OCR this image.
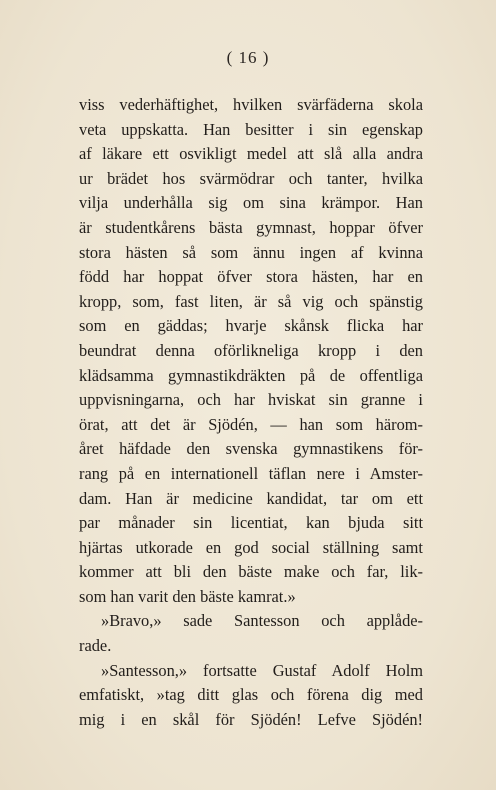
( 16 )
viss vederhäftighet, hvilken svärfäderna skola
veta uppskatta. Han besitter i sin egenskap
af läkare ett osvikligt medel att slå alla andra
ur brädet hos svärmödrar och tanter, hvilka
vilja underhålla sig om sina krämpor. Han
är studentkårens bästa gymnast, hoppar öfver
stora hästen så som ännu ingen af kvinna
född har hoppat öfver stora hästen, har en
kropp, som, fast liten, är så vig och spänstig
som en gäddas; hvarje skånsk flicka har
beundrat denna oförlikneliga kropp i den
klädsamma gymnastikdräkten på de offentliga
uppvisningarna, och har hviskat sin granne i
örat, att det är Sjödén, — han som härom-
året häfdade den svenska gymnastikens för-
rang på en internationell täflan nere i Amster-
dam. Han är medicine kandidat, tar om ett
par månader sin licentiat, kan bjuda sitt
hjärtas utkorade en god social ställning samt
kommer att bli den bäste make och far, lik-
som han varit den bäste kamrat.»
»Bravo,» sade Santesson och applåde-
rade.
»Santesson,» fortsatte Gustaf Adolf Holm
emfatiskt, »tag ditt glas och förena dig med
mig i en skål för Sjödén! Lefve Sjödén!
